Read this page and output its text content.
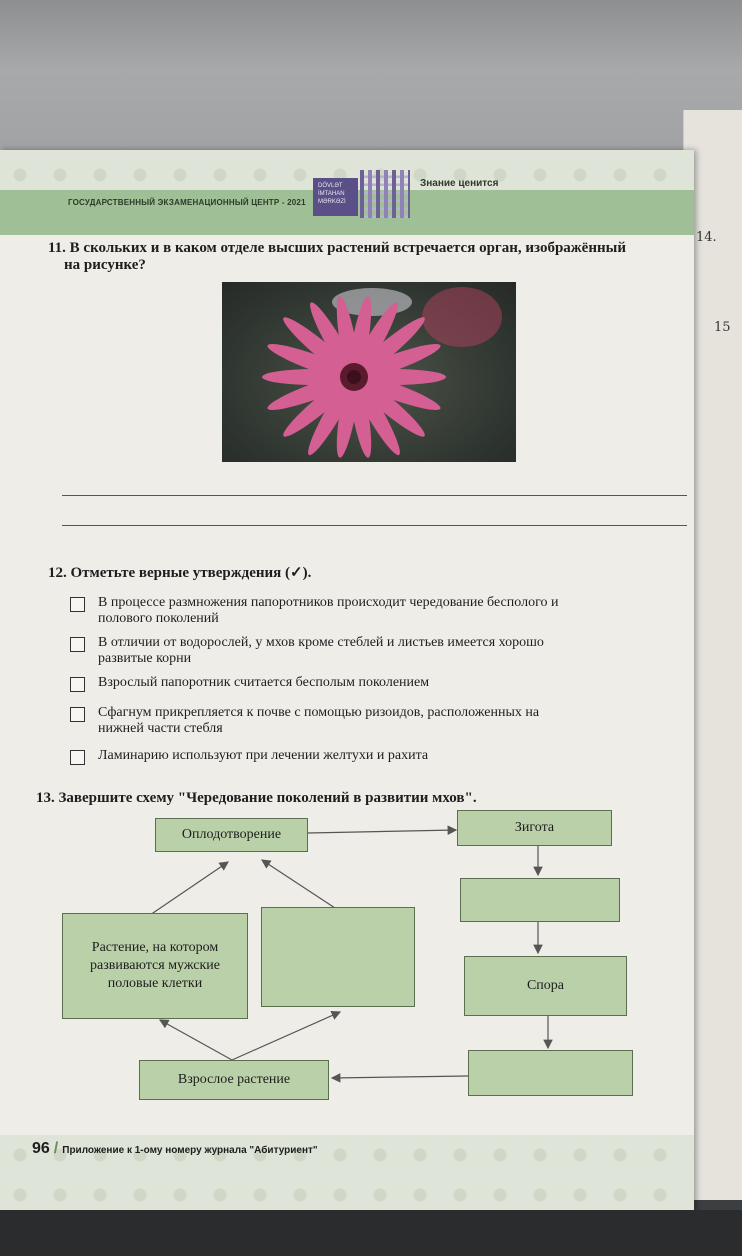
14.
15
ГОСУДАРСТВЕННЫЙ ЭКЗАМЕНАЦИОННЫЙ ЦЕНТР - 2021
DÖVLƏT
İMTAHAN
MƏRKƏZİ
Знание ценится
11. В скольких и в каком отделе высших растений встречается орган, изображённый
на рисунке?
12. Отметьте верные утверждения (✓).
В процессе размножения папоротников происходит чередование бесполого и
полового поколений
В отличии от водорослей, у мхов кроме стеблей и листьев имеется хорошо
развитые корни
Взрослый папоротник считается бесполым поколением
Сфагнум прикрепляется к почве с помощью ризоидов, расположенных на
нижней части стебля
Ламинарию используют при лечении желтухи и рахита
13. Завершите схему "Чередование поколений в развитии мхов".
Оплодотворение	Зигота
Растение, на котором
развиваются мужские
половые клетки	Спора
Взрослое растение
96 / Приложение к 1-ому номеру журнала "Абитуриент"
